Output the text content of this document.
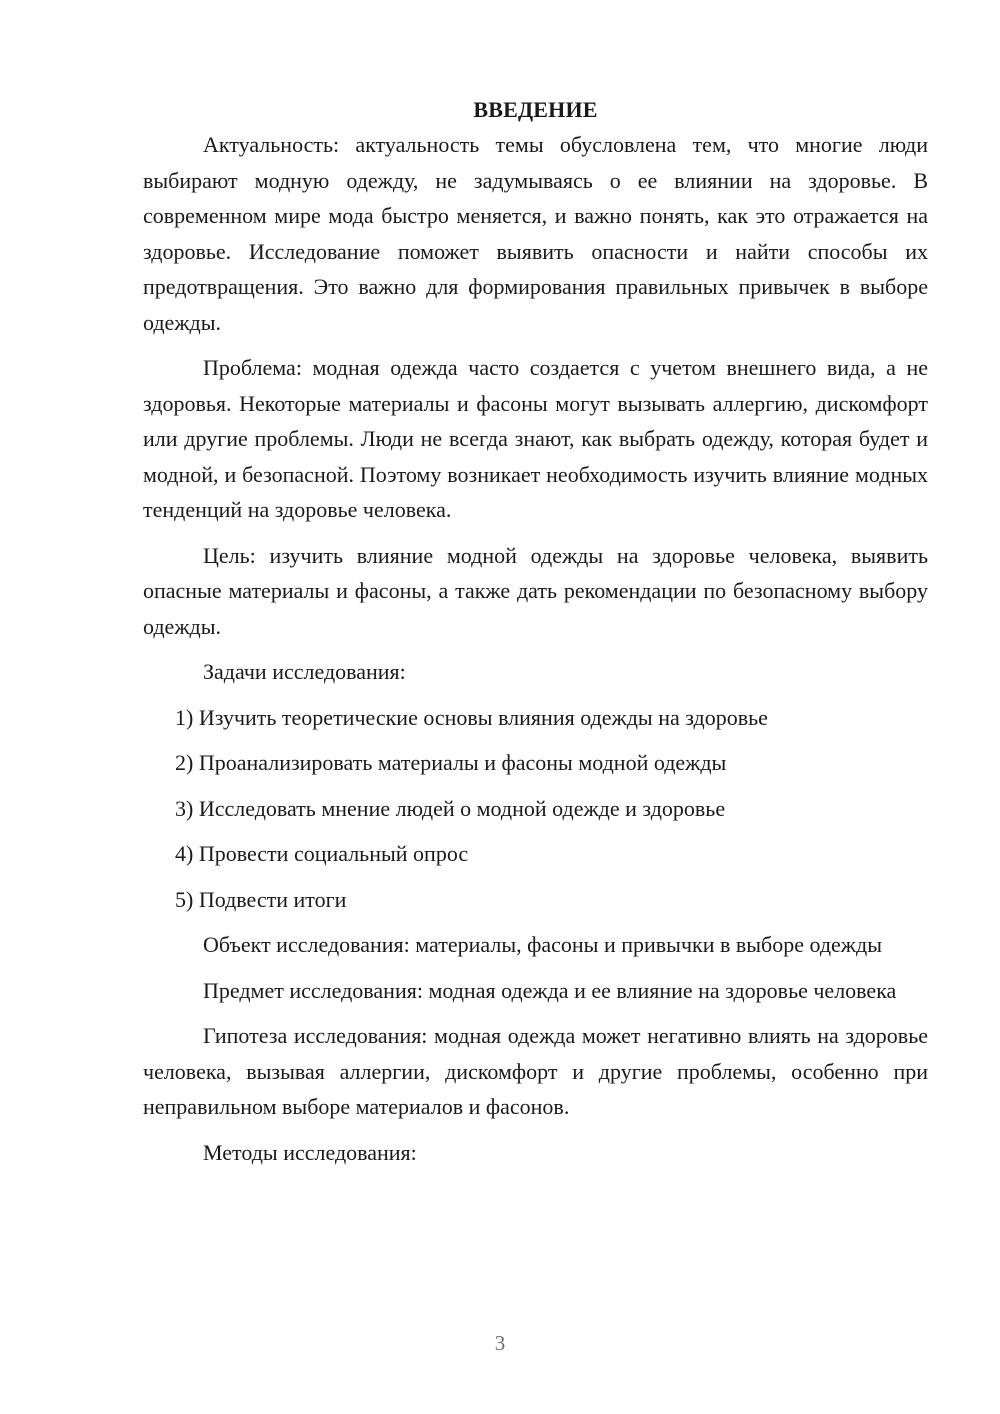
ВВЕДЕНИЕ

Актуальность: актуальность темы обусловлена тем, что многие люди выбирают модную одежду, не задумываясь о ее влиянии на здоровье. В современном мире мода быстро меняется, и важно понять, как это отражается на здоровье. Исследование поможет выявить опасности и найти способы их предотвращения. Это важно для формирования правильных привычек в выборе одежды.

Проблема: модная одежда часто создается с учетом внешнего вида, а не здоровья. Некоторые материалы и фасоны могут вызывать аллергию, дискомфорт или другие проблемы. Люди не всегда знают, как выбрать одежду, которая будет и модной, и безопасной. Поэтому возникает необходимость изучить влияние модных тенденций на здоровье человека.

Цель: изучить влияние модной одежды на здоровье человека, выявить опасные материалы и фасоны, а также дать рекомендации по безопасному выбору одежды.

Задачи исследования:

1) Изучить теоретические основы влияния одежды на здоровье
2) Проанализировать материалы и фасоны модной одежды
3) Исследовать мнение людей о модной одежде и здоровье
4) Провести социальный опрос
5) Подвести итоги

Объект исследования: материалы, фасоны и привычки в выборе одежды

Предмет исследования: модная одежда и ее влияние на здоровье человека

Гипотеза исследования: модная одежда может негативно влиять на здоровье человека, вызывая аллергии, дискомфорт и другие проблемы, особенно при неправильном выборе материалов и фасонов.

Методы исследования:

3
